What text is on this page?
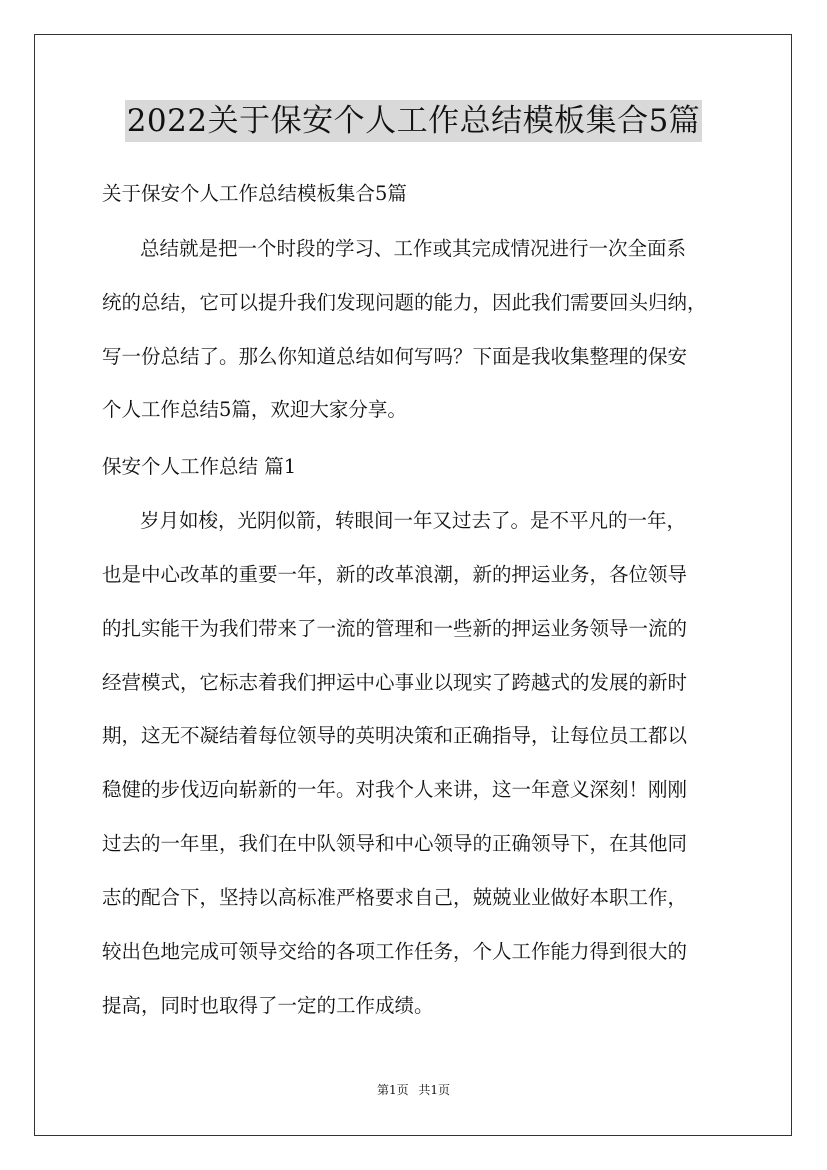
2022关于保安个人工作总结模板集合5篇
关于保安个人工作总结模板集合5篇
总结就是把一个时段的学习、工作或其完成情况进行一次全面系
统的总结，它可以提升我们发现问题的能力，因此我们需要回头归纳，
写一份总结了。那么你知道总结如何写吗？下面是我收集整理的保安
个人工作总结5篇，欢迎大家分享。
保安个人工作总结 篇1
岁月如梭，光阴似箭，转眼间一年又过去了。是不平凡的一年，
也是中心改革的重要一年，新的改革浪潮，新的押运业务，各位领导
的扎实能干为我们带来了一流的管理和一些新的押运业务领导一流的
经营模式，它标志着我们押运中心事业以现实了跨越式的发展的新时
期，这无不凝结着每位领导的英明决策和正确指导，让每位员工都以
稳健的步伐迈向崭新的一年。对我个人来讲，这一年意义深刻！刚刚
过去的一年里，我们在中队领导和中心领导的正确领导下，在其他同
志的配合下，坚持以高标准严格要求自己，兢兢业业做好本职工作，
较出色地完成可领导交给的各项工作任务，个人工作能力得到很大的
提高，同时也取得了一定的工作成绩。
第1页 共1页
